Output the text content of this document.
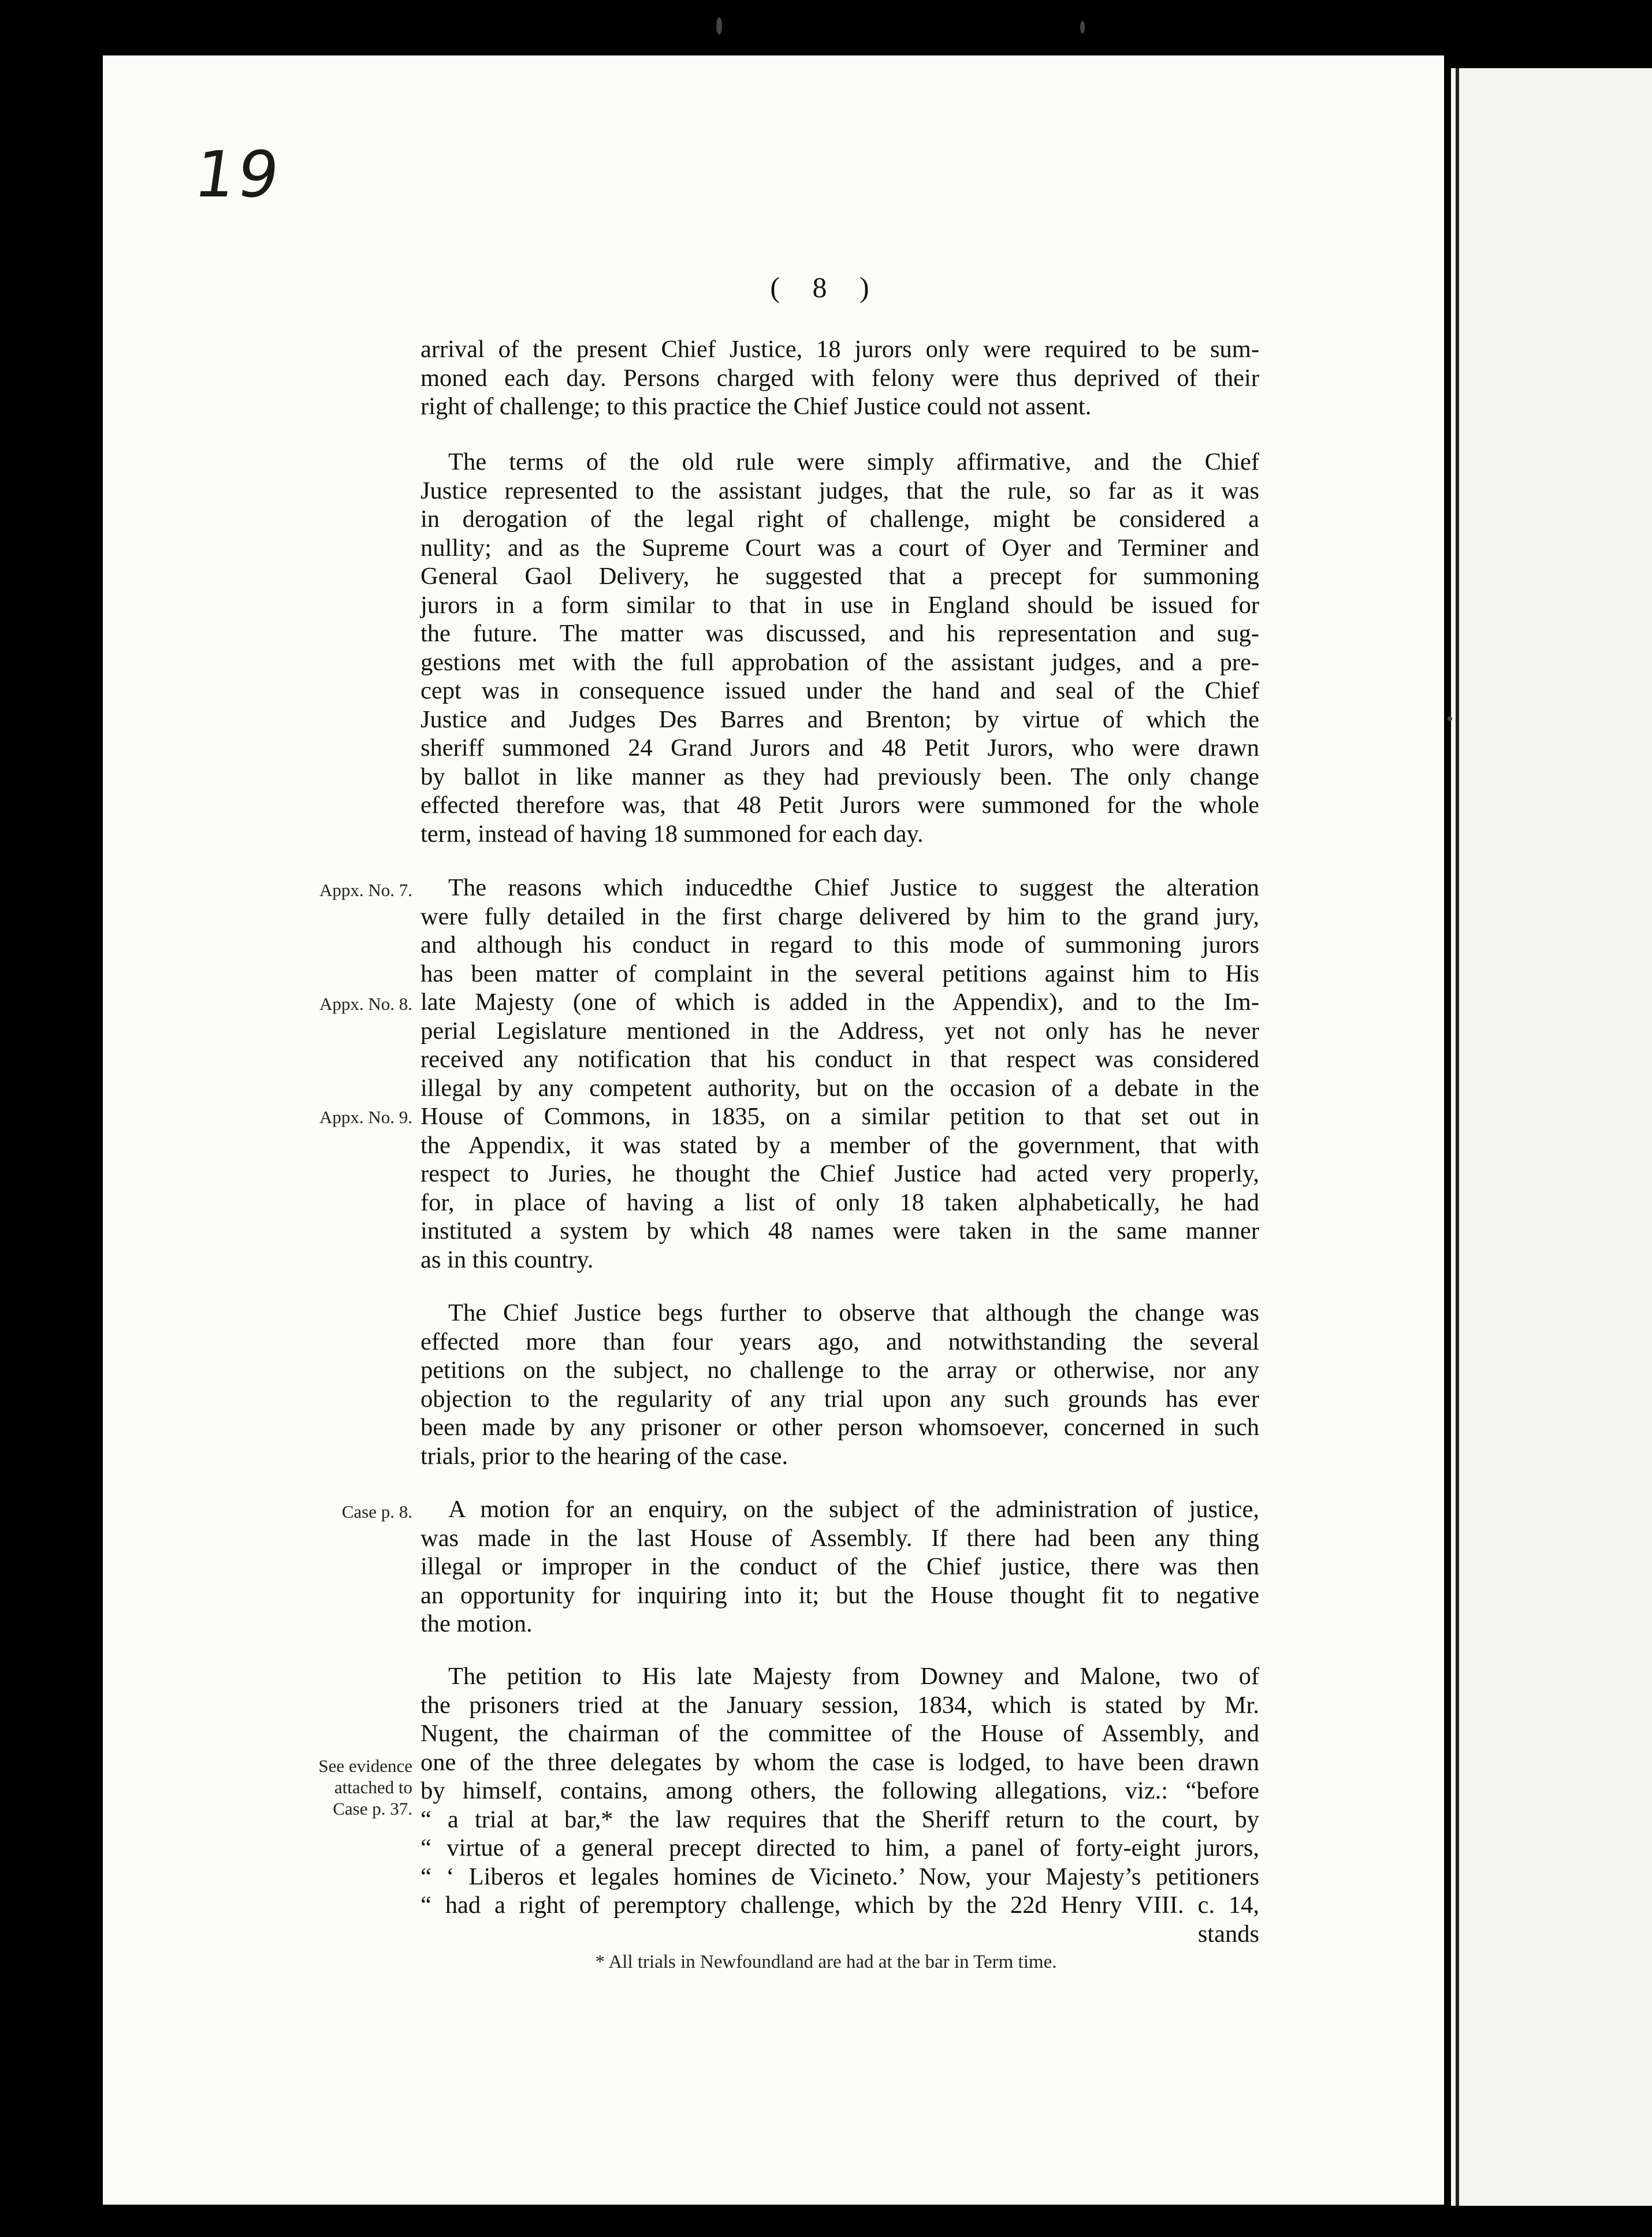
19
( 8 )
arrival of the present Chief Justice, 18 jurors only were required to be sum-
moned each day. Persons charged with felony were thus deprived of their
right of challenge; to this practice the Chief Justice could not assent.
The terms of the old rule were simply affirmative, and the Chief
Justice represented to the assistant judges, that the rule, so far as it was
in derogation of the legal right of challenge, might be considered a
nullity; and as the Supreme Court was a court of Oyer and Terminer and
General Gaol Delivery, he suggested that a precept for summoning
jurors in a form similar to that in use in England should be issued for
the future. The matter was discussed, and his representation and sug-
gestions met with the full approbation of the assistant judges, and a pre-
cept was in consequence issued under the hand and seal of the Chief
Justice and Judges Des Barres and Brenton; by virtue of which the
sheriff summoned 24 Grand Jurors and 48 Petit Jurors, who were drawn
by ballot in like manner as they had previously been. The only change
effected therefore was, that 48 Petit Jurors were summoned for the whole
term, instead of having 18 summoned for each day.
The reasons which inducedthe Chief Justice to suggest the alteration
were fully detailed in the first charge delivered by him to the grand jury,
and although his conduct in regard to this mode of summoning jurors
has been matter of complaint in the several petitions against him to His
late Majesty (one of which is added in the Appendix), and to the Im-
perial Legislature mentioned in the Address, yet not only has he never
received any notification that his conduct in that respect was considered
illegal by any competent authority, but on the occasion of a debate in the
House of Commons, in 1835, on a similar petition to that set out in
the Appendix, it was stated by a member of the government, that with
respect to Juries, he thought the Chief Justice had acted very properly,
for, in place of having a list of only 18 taken alphabetically, he had
instituted a system by which 48 names were taken in the same manner
as in this country.
The Chief Justice begs further to observe that although the change was
effected more than four years ago, and notwithstanding the several
petitions on the subject, no challenge to the array or otherwise, nor any
objection to the regularity of any trial upon any such grounds has ever
been made by any prisoner or other person whomsoever, concerned in such
trials, prior to the hearing of the case.
A motion for an enquiry, on the subject of the administration of justice,
was made in the last House of Assembly. If there had been any thing
illegal or improper in the conduct of the Chief justice, there was then
an opportunity for inquiring into it; but the House thought fit to negative
the motion.
The petition to His late Majesty from Downey and Malone, two of
the prisoners tried at the January session, 1834, which is stated by Mr.
Nugent, the chairman of the committee of the House of Assembly, and
one of the three delegates by whom the case is lodged, to have been drawn
by himself, contains, among others, the following allegations, viz.: “before
“ a trial at bar,* the law requires that the Sheriff return to the court, by
“ virtue of a general precept directed to him, a panel of forty-eight jurors,
“ ‘ Liberos et legales homines de Vicineto.’ Now, your Majesty’s petitioners
“ had a right of peremptory challenge, which by the 22d Henry VIII. c. 14,
stands
Appx. No. 7.
Appx. No. 8.
Appx. No. 9.
Case p. 8.
See evidence
attached to
Case p. 37.
* All trials in Newfoundland are had at the bar in Term time.
